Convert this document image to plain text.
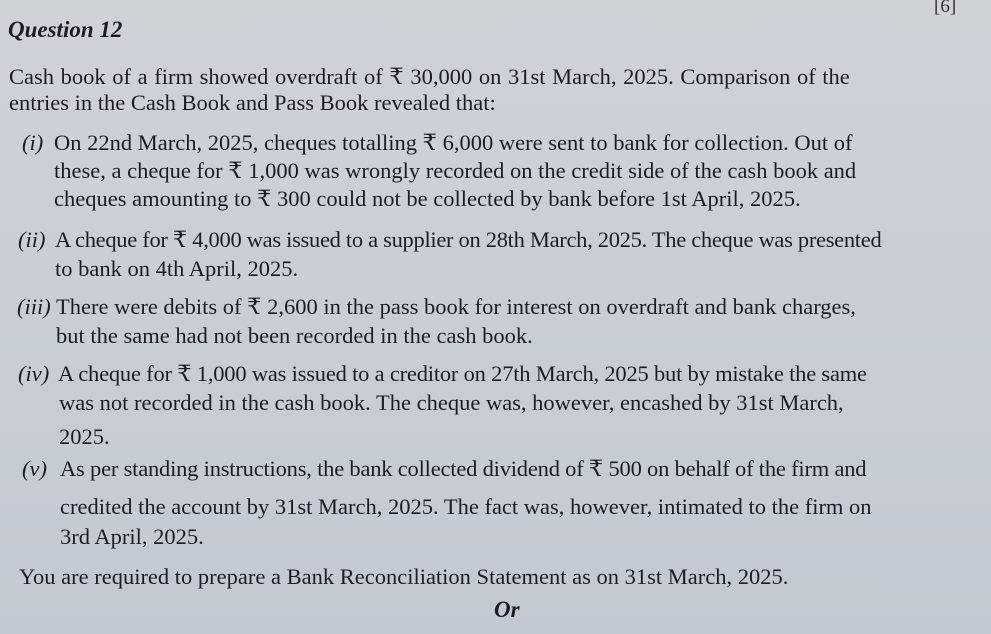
[6]
Question 12
Cash book of a firm showed overdraft of ₹ 30,000 on 31st March, 2025. Comparison of the
entries in the Cash Book and Pass Book revealed that:
(i) On 22nd March, 2025, cheques totalling ₹ 6,000 were sent to bank for collection. Out of
these, a cheque for ₹ 1,000 was wrongly recorded on the credit side of the cash book and
cheques amounting to ₹ 300 could not be collected by bank before 1st April, 2025.
(ii) A cheque for ₹ 4,000 was issued to a supplier on 28th March, 2025. The cheque was presented
to bank on 4th April, 2025.
(iii) There were debits of ₹ 2,600 in the pass book for interest on overdraft and bank charges,
but the same had not been recorded in the cash book.
(iv) A cheque for ₹ 1,000 was issued to a creditor on 27th March, 2025 but by mistake the same
was not recorded in the cash book. The cheque was, however, encashed by 31st March,
2025.
(v) As per standing instructions, the bank collected dividend of ₹ 500 on behalf of the firm and
credited the account by 31st March, 2025. The fact was, however, intimated to the firm on
3rd April, 2025.
You are required to prepare a Bank Reconciliation Statement as on 31st March, 2025.
Or
